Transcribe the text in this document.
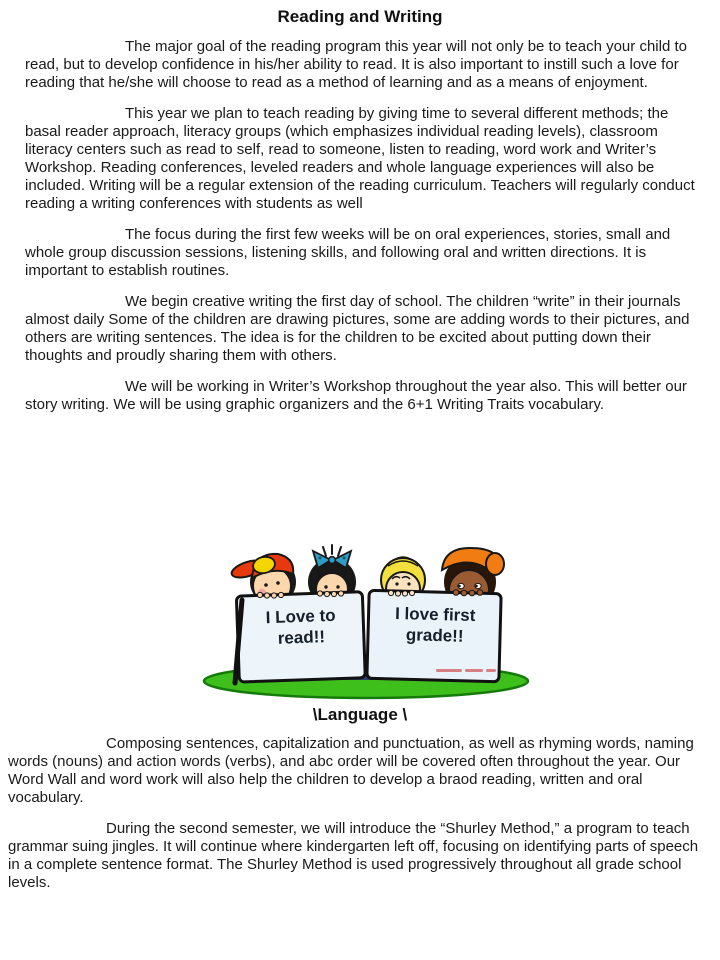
Reading and Writing

The major goal of the reading program this year will not only be to teach your child to read, but to develop confidence in his/her ability to read. It is also important to instill such a love for reading that he/she will choose to read as a method of learning and as a means of enjoyment.

This year we plan to teach reading by giving time to several different methods; the basal reader approach, literacy groups (which emphasizes individual reading levels), classroom literacy centers such as read to self, read to someone, listen to reading, word work and Writer’s Workshop. Reading conferences, leveled readers and whole language experiences will also be included. Writing will be a regular extension of the reading curriculum. Teachers will regularly conduct reading a writing conferences with students as well

The focus during the first few weeks will be on oral experiences, stories, small and whole group discussion sessions, listening skills, and following oral and written directions. It is important to establish routines.

We begin creative writing the first day of school. The children “write” in their journals almost daily Some of the children are drawing pictures, some are adding words to their pictures, and others are writing sentences. The idea is for the children to be excited about putting down their thoughts and proudly sharing them with others.

We will be working in Writer’s Workshop throughout the year also. This will better our story writing. We will be using graphic organizers and the 6+1 Writing Traits vocabulary.

I Love to
read!!
I love first
grade!!
\Language \

Composing sentences, capitalization and punctuation, as well as rhyming words, naming words (nouns) and action words (verbs), and abc order will be covered often throughout the year. Our Word Wall and word work will also help the children to develop a braod reading, written and oral vocabulary.

During the second semester, we will introduce the “Shurley Method,” a program to teach grammar suing jingles. It will continue where kindergarten left off, focusing on identifying parts of speech in a complete sentence format. The Shurley Method is used progressively throughout all grade school levels.
